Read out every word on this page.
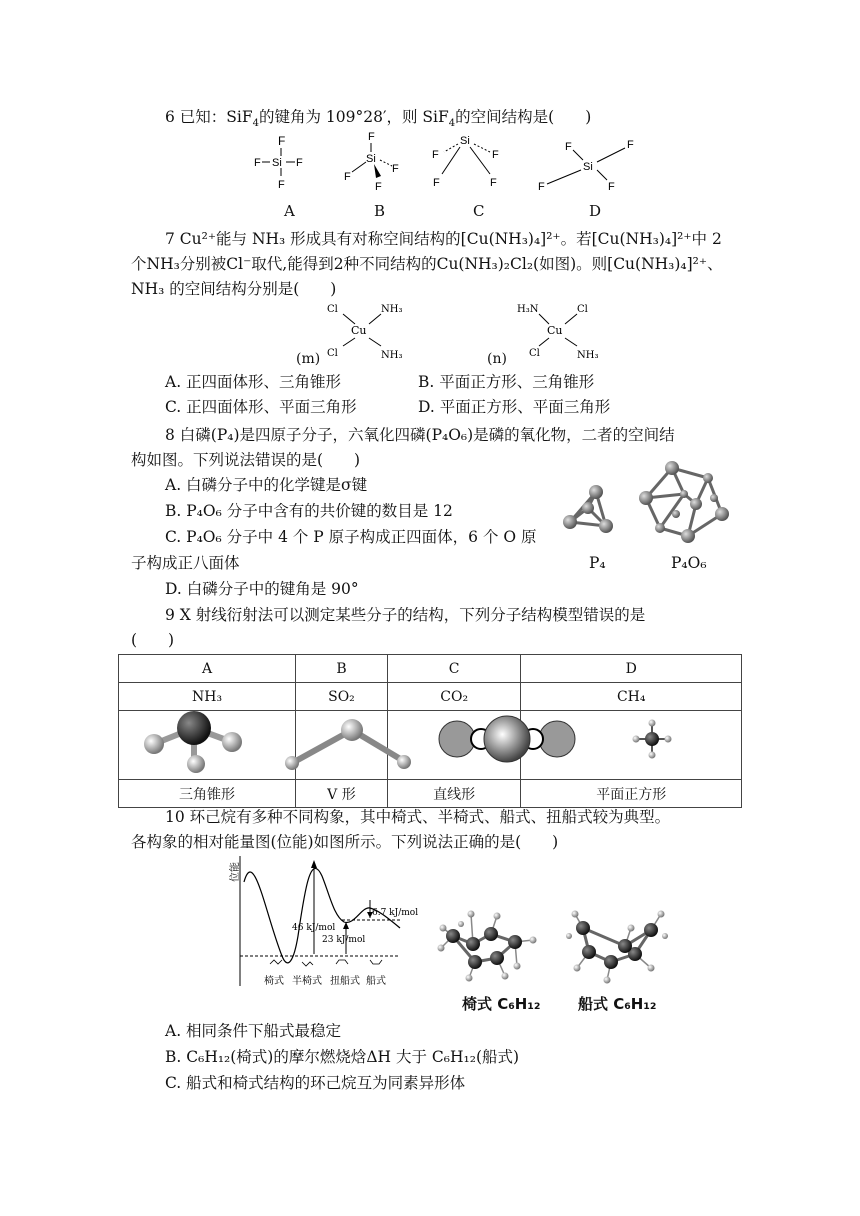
6 已知：SiF$_4$的键角为 109°28′，则 SiF$_4$的空间结构是(　　)
F
F Si F
F
F
Si
F
F
F
Si
F	F
F	F
F
Si
F
F	F
A	B	C	D
7 Cu²⁺能与 NH₃ 形成具有对称空间结构的[Cu(NH₃)₄]²⁺。若[Cu(NH₃)₄]²⁺中 2
个NH₃分别被Cl⁻取代,能得到2种不同结构的Cu(NH₃)₂Cl₂(如图)。则[Cu(NH₃)₄]²⁺、
NH₃ 的空间结构分别是(　　)
Cl	NH₃
Cu
Cl	NH₃
(m)
H₃N	Cl
Cu
Cl	NH₃
(n)
A. 正四面体形、三角锥形	B. 平面正方形、三角锥形
C. 正四面体形、平面三角形	D. 平面正方形、平面三角形
8 白磷(P₄)是四原子分子，六氧化四磷(P₄O₆)是磷的氧化物，二者的空间结
构如图。下列说法错误的是(　　)
A. 白磷分子中的化学键是σ键
B. P₄O₆ 分子中含有的共价键的数目是 12
C. P₄O₆ 分子中 4 个 P 原子构成正四面体，6 个 O 原
子构成正八面体
D. 白磷分子中的键角是 90°
P₄	P₄O₆
9 X 射线衍射法可以测定某些分子的结构，下列分子结构模型错误的是
(　　)
A	B	C	D
NH₃	SO₂	CO₂	CH₄

三角锥形	V 形	直线形	平面正方形
10 环己烷有多种不同构象，其中椅式、半椅式、船式、扭船式较为典型。
各构象的相对能量图(位能)如图所示。下列说法正确的是(　　)
位能
6.7 kJ/mol
46 kJ/mol
23 kJ/mol
椅式 半椅式 扭船式 船式
椅式 C₆H₁₂	船式 C₆H₁₂
A. 相同条件下船式最稳定
B. C₆H₁₂(椅式)的摩尔燃烧焓ΔH 大于 C₆H₁₂(船式)
C. 船式和椅式结构的环己烷互为同素异形体
